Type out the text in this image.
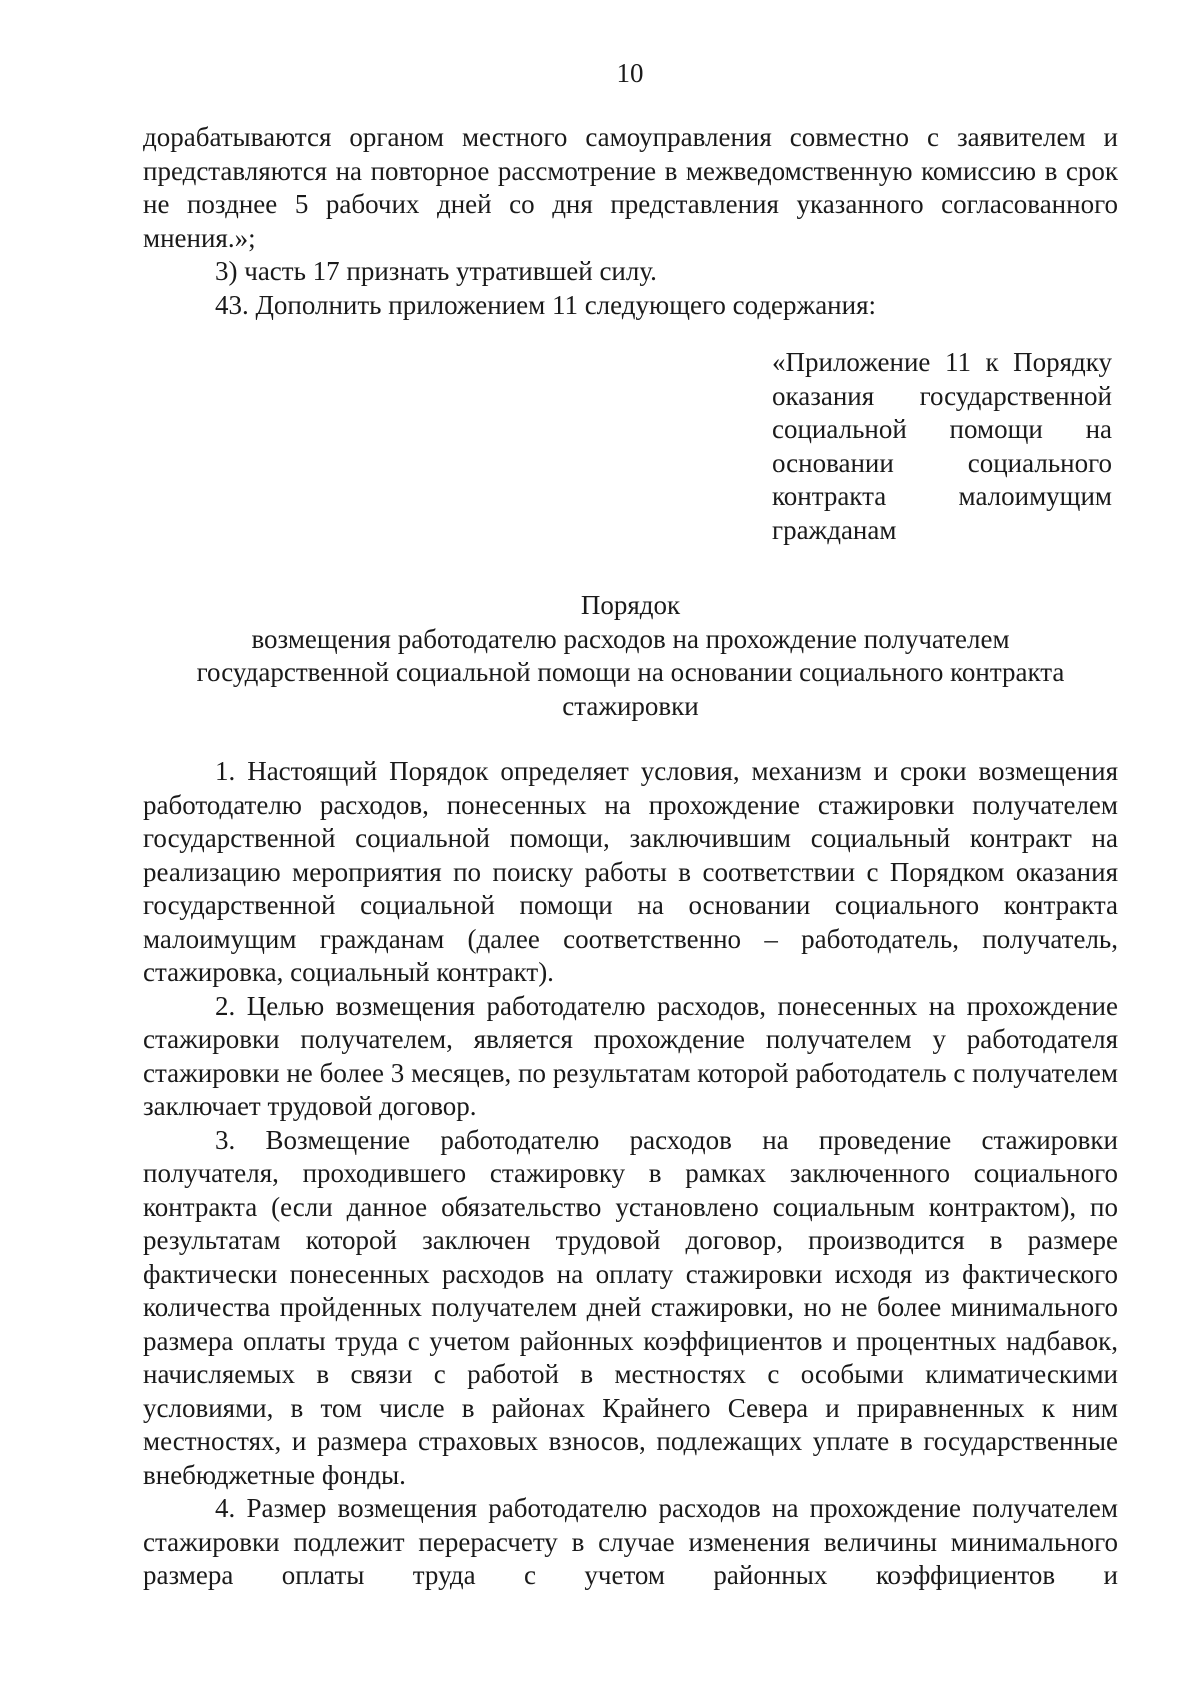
10

дорабатываются органом местного самоуправления совместно с заявителем и представляются на повторное рассмотрение в межведомственную комиссию в срок не позднее 5 рабочих дней со дня представления указанного согласованного мнения.»;

3) часть 17 признать утратившей силу.

43. Дополнить приложением 11 следующего содержания:

«Приложение 11 к Порядку
оказания государственной
социальной помощи на
основании социального
контракта малоимущим
гражданам
Порядок
возмещения работодателю расходов на прохождение получателем
государственной социальной помощи на основании социального контракта
стажировки

1. Настоящий Порядок определяет условия, механизм и сроки возмещения работодателю расходов, понесенных на прохождение стажировки получателем государственной социальной помощи, заключившим социальный контракт на реализацию мероприятия по поиску работы в соответствии с Порядком оказания государственной социальной помощи на основании социального контракта малоимущим гражданам (далее соответственно – работодатель, получатель, стажировка, социальный контракт).

2. Целью возмещения работодателю расходов, понесенных на прохождение стажировки получателем, является прохождение получателем у работодателя стажировки не более 3 месяцев, по результатам которой работодатель с получателем заключает трудовой договор.

3. Возмещение работодателю расходов на проведение стажировки получателя, проходившего стажировку в рамках заключенного социального контракта (если данное обязательство установлено социальным контрактом), по результатам которой заключен трудовой договор, производится в размере фактически понесенных расходов на оплату стажировки исходя из фактического количества пройденных получателем дней стажировки, но не более минимального размера оплаты труда с учетом районных коэффициентов и процентных надбавок, начисляемых в связи с работой в местностях с особыми климатическими условиями, в том числе в районах Крайнего Севера и приравненных к ним местностях, и размера страховых взносов, подлежащих уплате в государственные внебюджетные фонды.

4. Размер возмещения работодателю расходов на прохождение получателем стажировки подлежит перерасчету в случае изменения величины минимального размера оплаты труда с учетом районных коэффициентов и
